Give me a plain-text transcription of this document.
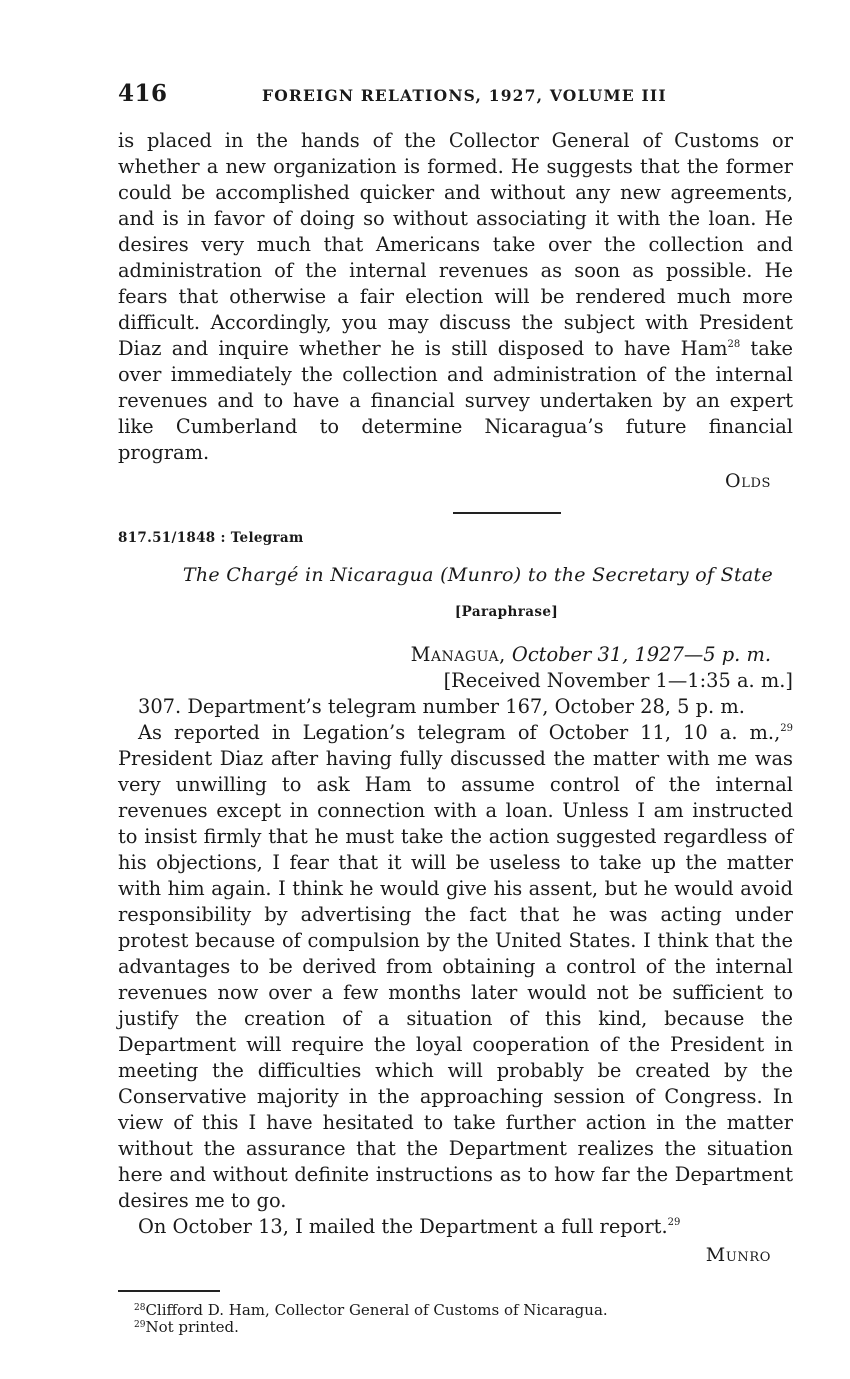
416	FOREIGN RELATIONS, 1927, VOLUME III

is placed in the hands of the Collector General of Customs or whether a new organization is formed. He suggests that the former could be accomplished quicker and without any new agreements, and is in favor of doing so without associating it with the loan. He desires very much that Americans take over the collection and administration of the internal revenues as soon as possible. He fears that otherwise a fair election will be rendered much more difficult. Accordingly, you may discuss the subject with President Diaz and inquire whether he is still disposed to have Ham$^{28}$ take over immediately the collection and administration of the internal revenues and to have a financial survey undertaken by an expert like Cumberland to determine Nicaragua’s future financial program.

Olds
817.51/1848 : Telegram
The Chargé in Nicaragua (Munro) to the Secretary of State
[Paraphrase]
Managua, October 31, 1927—5 p. m.
[Received November 1—1:35 a. m.]

307. Department’s telegram number 167, October 28, 5 p. m.

As reported in Legation’s telegram of October 11, 10 a. m.,$^{29}$ President Diaz after having fully discussed the matter with me was very unwilling to ask Ham to assume control of the internal revenues except in connection with a loan. Unless I am instructed to insist firmly that he must take the action suggested regardless of his objections, I fear that it will be useless to take up the matter with him again. I think he would give his assent, but he would avoid responsibility by advertising the fact that he was acting under protest because of compulsion by the United States. I think that the advantages to be derived from obtaining a control of the internal revenues now over a few months later would not be sufficient to justify the creation of a situation of this kind, because the Department will require the loyal cooperation of the President in meeting the difficulties which will probably be created by the Conservative majority in the approaching session of Congress. In view of this I have hesitated to take further action in the matter without the assurance that the Department realizes the situation here and without definite instructions as to how far the Department desires me to go.

On October 13, I mailed the Department a full report.$^{29}$

Munro
$^{28}$Clifford D. Ham, Collector General of Customs of Nicaragua.
$^{29}$Not printed.
